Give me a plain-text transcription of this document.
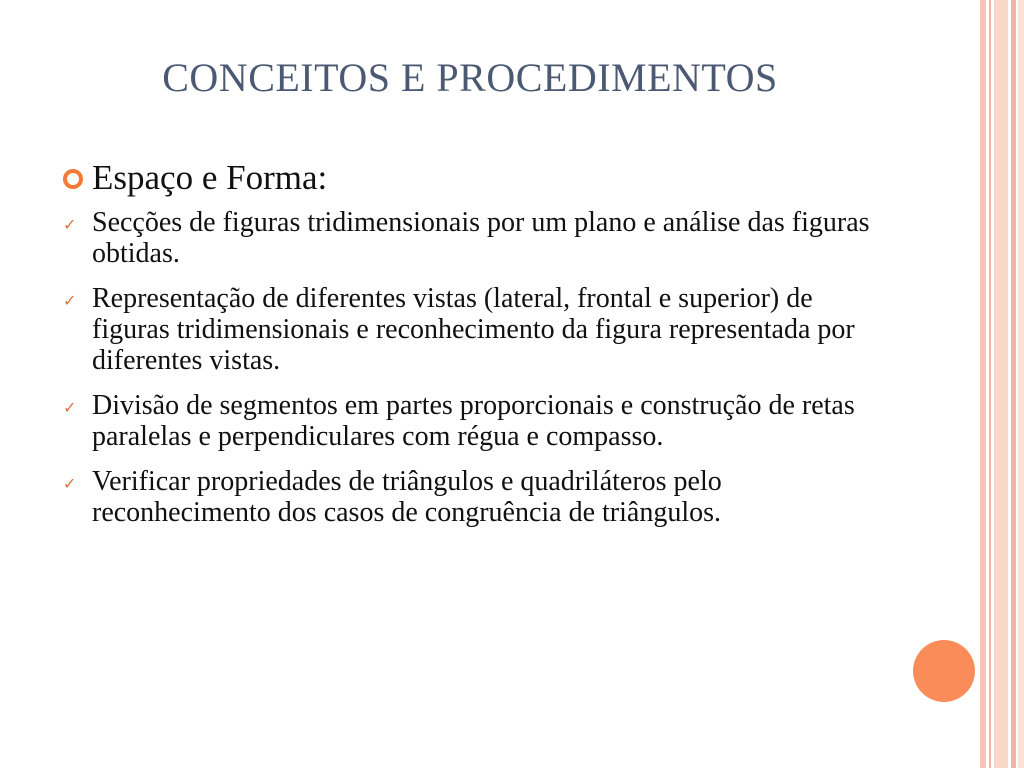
CONCEITOS E PROCEDIMENTOS
Espaço e Forma:
✓ Secções de figuras tridimensionais por um plano e análise das figuras obtidas.
✓ Representação de diferentes vistas (lateral, frontal e superior) de figuras tridimensionais e reconhecimento da figura representada por diferentes vistas.
✓ Divisão de segmentos em partes proporcionais e construção de retas paralelas e perpendiculares com régua e compasso.
✓ Verificar propriedades de triângulos e quadriláteros pelo reconhecimento dos casos de congruência de triângulos.
